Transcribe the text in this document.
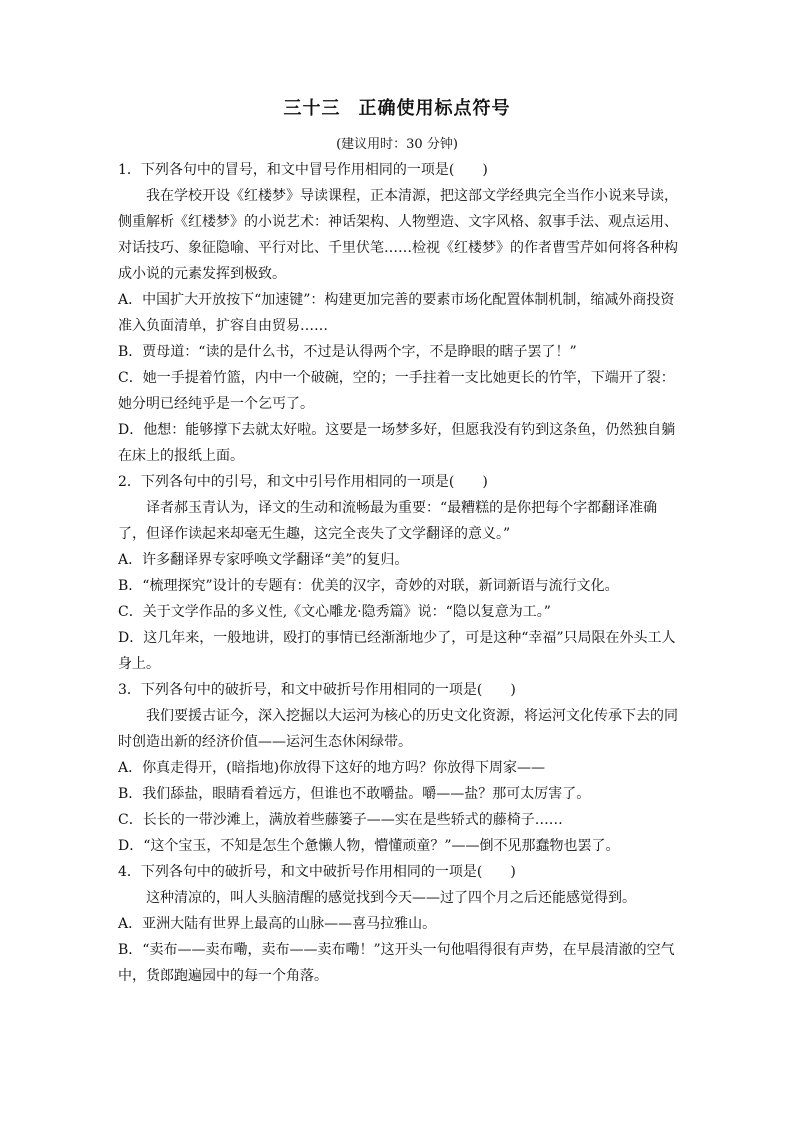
三十三 正确使用标点符号
(建议用时：30 分钟)

1．下列各句中的冒号，和文中冒号作用相同的一项是(　　)

我在学校开设《红楼梦》导读课程，正本清源，把这部文学经典完全当作小说来导读，侧重解析《红楼梦》的小说艺术：神话架构、人物塑造、文字风格、叙事手法、观点运用、对话技巧、象征隐喻、平行对比、千里伏笔……检视《红楼梦》的作者曹雪芹如何将各种构成小说的元素发挥到极致。

A．中国扩大开放按下“加速键”：构建更加完善的要素市场化配置体制机制，缩减外商投资准入负面清单，扩容自由贸易……

B．贾母道：“读的是什么书，不过是认得两个字，不是睁眼的瞎子罢了！”

C．她一手提着竹篮，内中一个破碗，空的；一手拄着一支比她更长的竹竿，下端开了裂：她分明已经纯乎是一个乞丐了。

D．他想：能够撑下去就太好啦。这要是一场梦多好，但愿我没有钓到这条鱼，仍然独自躺在床上的报纸上面。

2．下列各句中的引号，和文中引号作用相同的一项是(　　)

译者郝玉青认为，译文的生动和流畅最为重要：“最糟糕的是你把每个字都翻译准确了，但译作读起来却毫无生趣，这完全丧失了文学翻译的意义。”

A．许多翻译界专家呼唤文学翻译“美”的复归。

B．“梳理探究”设计的专题有：优美的汉字，奇妙的对联，新词新语与流行文化。

C．关于文学作品的多义性,《文心雕龙·隐秀篇》说：“隐以复意为工。”

D．这几年来，一般地讲，殴打的事情已经渐渐地少了，可是这种“幸福”只局限在外头工人身上。

3．下列各句中的破折号，和文中破折号作用相同的一项是(　　)

我们要援古证今，深入挖掘以大运河为核心的历史文化资源，将运河文化传承下去的同时创造出新的经济价值——运河生态休闲绿带。

A．你真走得开，(暗指地)你放得下这好的地方吗？你放得下周家——

B．我们舔盐，眼睛看着远方，但谁也不敢嚼盐。嚼——盐？那可太厉害了。

C．长长的一带沙滩上，满放着些藤篓子——实在是些轿式的藤椅子……

D．“这个宝玉，不知是怎生个惫懒人物，懵懂顽童？”——倒不见那蠢物也罢了。

4．下列各句中的破折号，和文中破折号作用相同的一项是(　　)

这种清凉的，叫人头脑清醒的感觉找到今天——过了四个月之后还能感觉得到。

A．亚洲大陆有世界上最高的山脉——喜马拉雅山。

B．“卖布——卖布嘞，卖布——卖布嘞！”这开头一句他唱得很有声势，在早晨清澈的空气中，货郎跑遍园中的每一个角落。
